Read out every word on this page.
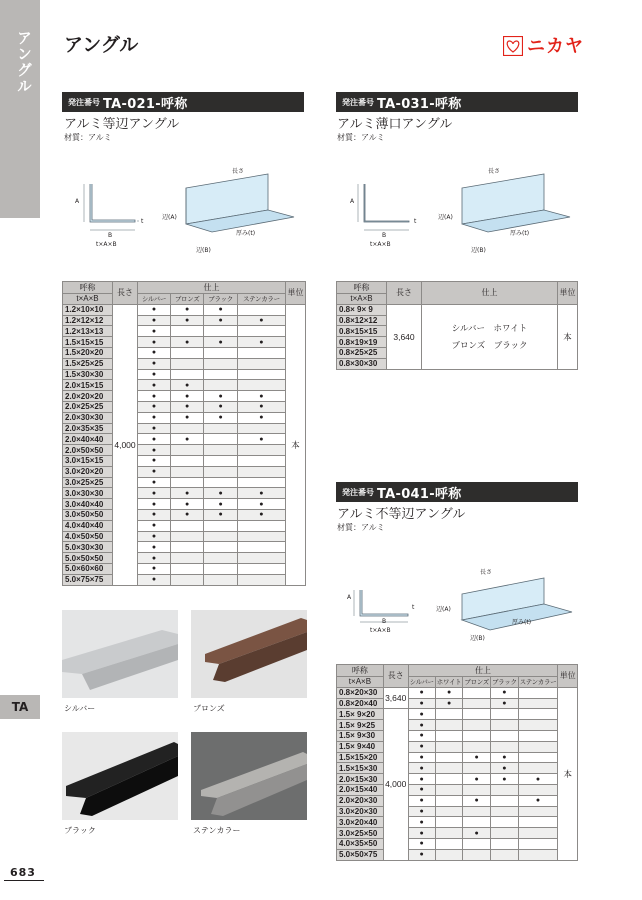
アングル
TA
683
アングル	ニカヤ
発注番号 TA-021-呼称
アルミ等辺アングル
材質：アルミ
A
B
t
t×A×B
長さ
辺(A)
辺(B)
厚み(t)
呼称	長さ	仕上				単位
t×A×B		シルバー	ブロンズ	ブラック	ステンカラー	
1.2×10×10	4,000	●	●	●		本
1.2×12×12		●	●	●	●	
1.2×13×13		●				
1.5×15×15		●	●	●	●	
1.5×20×20		●				
1.5×25×25		●				
1.5×30×30		●				
2.0×15×15		●	●			
2.0×20×20		●	●	●	●	
2.0×25×25		●	●	●	●	
2.0×30×30		●	●	●	●	
2.0×35×35		●				
2.0×40×40		●	●		●	
2.0×50×50		●				
3.0×15×15		●				
3.0×20×20		●				
3.0×25×25		●				
3.0×30×30		●	●	●	●	
3.0×40×40		●	●	●	●	
3.0×50×50		●	●	●	●	
4.0×40×40		●				
4.0×50×50		●				
5.0×30×30		●				
5.0×50×50		●				
5.0×60×60		●				
5.0×75×75		●				
シルバー	ブロンズ
ブラック	ステンカラー
発注番号 TA-031-呼称
アルミ薄口アングル
材質：アルミ
A
B
t
t×A×B
長さ
辺(A)
辺(B)
厚み(t)
呼称	長さ	仕上	単位
t×A×B			
0.8× 9× 9	3,640	シルバー　ホワイト
ブロンズ　ブラック	本
0.8×12×12			
0.8×15×15			
0.8×19×19			
0.8×25×25			
0.8×30×30			
発注番号 TA-041-呼称
アルミ不等辺アングル
材質：アルミ
A
B
t
t×A×B
長さ
辺(A)
辺(B)
厚み(t)
呼称	長さ	仕上					単位
t×A×B		シルバー	ホワイト	ブロンズ	ブラック	ステンカラー	
0.8×20×30	3,640	●	●		●		本
0.8×20×40		●	●		●		
1.5× 9×20	4,000	●					
1.5× 9×25		●					
1.5× 9×30		●					
1.5× 9×40		●					
1.5×15×20		●		●	●		
1.5×15×30		●			●		
2.0×15×30		●		●	●	●	
2.0×15×40		●					
2.0×20×30		●		●		●	
3.0×20×30		●					
3.0×20×40		●					
3.0×25×50		●		●			
4.0×35×50		●					
5.0×50×75		●					
